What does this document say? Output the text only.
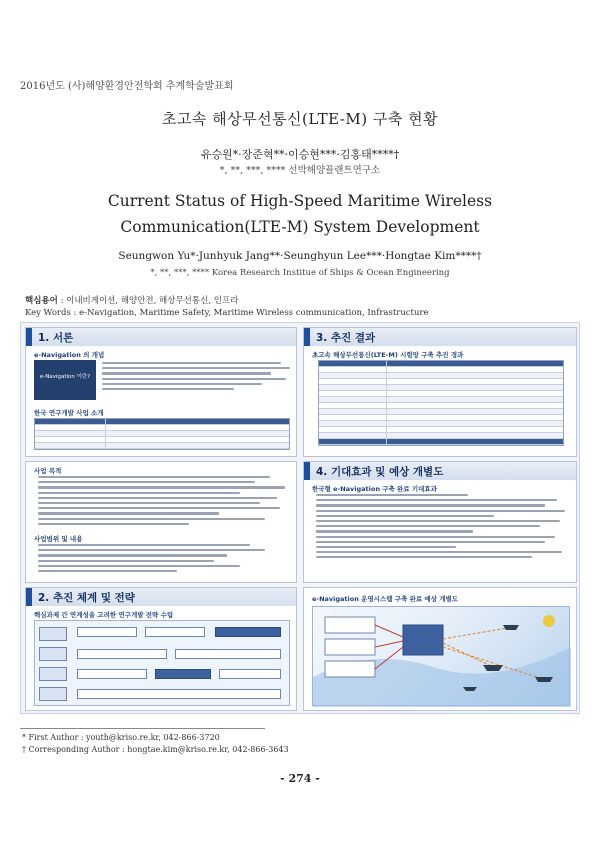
2016년도 (사)해양환경안전학회 추계학술발표회
초고속 해상무선통신(LTE-M) 구축 현황
유승원*·장준혁**·이승현***·김홍태****†
*, **, ***, **** 선박해양플랜트연구소
Current Status of High-Speed Maritime Wireless Communication(LTE-M) System Development
Seungwon Yu*·Junhyuk Jang**·Seunghyun Lee***·Hongtae Kim****†
*, **, ***, **** Korea Research Institue of Ships & Ocean Engineering
핵심용어 : 이내비게이션, 해양안전, 해상무선통신, 인프라
Key Words : e-Navigation, Maritime Safety, Maritime Wireless communication, Infrastructure
1. 서론
e-Navigation 의 개념
e-Navigation 이란?
한국 연구개발 사업 소개
사업 목적
사업범위 및 내용
2. 추진 체계 및 전략
핵심과제 간 연계성을 고려한 연구개발 전략 수립
3. 추진 결과
초고속 해상무선통신(LTE-M) 시험망 구축 추진 경과
4. 기대효과 및 예상 개별도
한국형 e-Navigation 구축 완료 기대효과
e-Navigation 운영시스템 구축 완료 예상 개별도
* First Author : youth@kriso.re.kr, 042-866-3720
† Corresponding Author : hongtae.kim@kriso.re.kr, 042-866-3643
- 274 -
